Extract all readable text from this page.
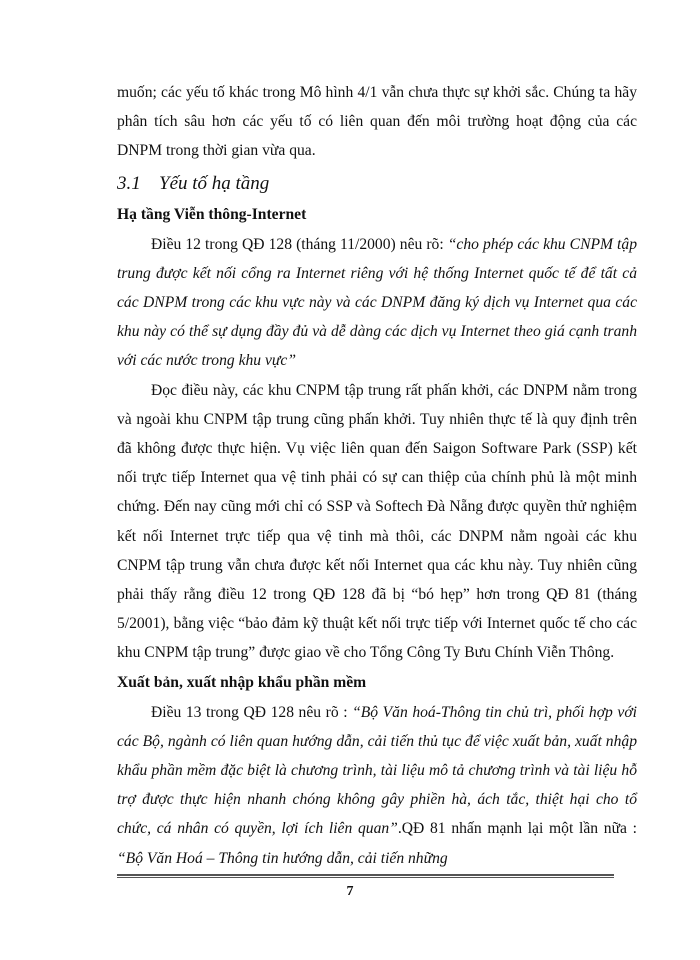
muốn; các yếu tố khác trong Mô hình 4/1 vẫn chưa thực sự khởi sắc. Chúng ta hãy phân tích sâu hơn các yếu tố có liên quan đến môi trường hoạt động của các DNPM trong thời gian vừa qua.

3.1 Yếu tố hạ tầng
Hạ tầng Viễn thông-Internet

Điều 12 trong QĐ 128 (tháng 11/2000) nêu rõ: “cho phép các khu CNPM tập trung được kết nối cổng ra Internet riêng với hệ thống Internet quốc tế để tất cả các DNPM trong các khu vực này và các DNPM đăng ký dịch vụ Internet qua các khu này có thể sự dụng đầy đủ và dễ dàng các dịch vụ Internet theo giá cạnh tranh với các nước trong khu vực”

Đọc điều này, các khu CNPM tập trung rất phấn khởi, các DNPM nằm trong và ngoài khu CNPM tập trung cũng phấn khởi. Tuy nhiên thực tế là quy định trên đã không được thực hiện. Vụ việc liên quan đến Saigon Software Park (SSP) kết nối trực tiếp Internet qua vệ tinh phải có sự can thiệp của chính phủ là một minh chứng. Đến nay cũng mới chỉ có SSP và Softech Đà Nẵng được quyền thử nghiệm kết nối Internet trực tiếp qua vệ tinh mà thôi, các DNPM nằm ngoài các khu CNPM tập trung vẫn chưa được kết nối Internet qua các khu này. Tuy nhiên cũng phải thấy rằng điều 12 trong QĐ 128 đã bị “bó hẹp” hơn trong QĐ 81 (tháng 5/2001), bằng việc “bảo đảm kỹ thuật kết nối trực tiếp với Internet quốc tế cho các khu CNPM tập trung” được giao về cho Tổng Công Ty Bưu Chính Viễn Thông.

Xuất bản, xuất nhập khẩu phần mềm

Điều 13 trong QĐ 128 nêu rõ : “Bộ Văn hoá-Thông tin chủ trì, phối hợp với các Bộ, ngành có liên quan hướng dẫn, cải tiến thủ tục để việc xuất bản, xuất nhập khẩu phần mềm đặc biệt là chương trình, tài liệu mô tả chương trình và tài liệu hỗ trợ được thực hiện nhanh chóng không gây phiền hà, ách tắc, thiệt hại cho tổ chức, cá nhân có quyền, lợi ích liên quan”.QĐ 81 nhấn mạnh lại một lần nữa : “Bộ Văn Hoá – Thông tin hướng dẫn, cải tiến những

7
